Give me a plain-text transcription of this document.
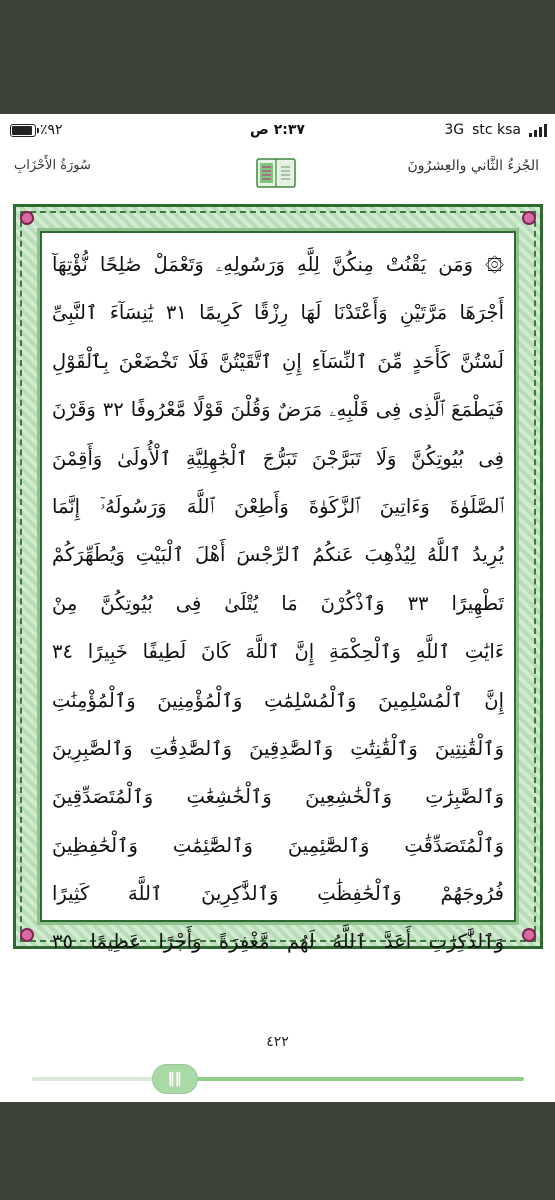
٪٩٢	٢:٣٧ ص	3G stc ksa
الجُزءُ الثَّاني والعِشرُونَ
سُورَةُ الأَحْزَابِ
۞ وَمَن يَقْنُتْ مِنكُنَّ لِلَّهِ وَرَسُولِهِۦ وَتَعْمَلْ صَٰلِحًا نُّؤْتِهَآ
أَجْرَهَا مَرَّتَيْنِ وَأَعْتَدْنَا لَهَا رِزْقًا كَرِيمًا ٣١ يَٰنِسَآءَ ٱلنَّبِىِّ
لَسْتُنَّ كَأَحَدٍ مِّنَ ٱلنِّسَآءِ إِنِ ٱتَّقَيْتُنَّ فَلَا تَخْضَعْنَ بِٱلْقَوْلِ
فَيَطْمَعَ ٱلَّذِى فِى قَلْبِهِۦ مَرَضٌ وَقُلْنَ قَوْلًا مَّعْرُوفًا ٣٢ وَقَرْنَ
فِى بُيُوتِكُنَّ وَلَا تَبَرَّجْنَ تَبَرُّجَ ٱلْجَٰهِلِيَّةِ ٱلْأُولَىٰ وَأَقِمْنَ
ٱلصَّلَوٰةَ وَءَاتِينَ ٱلزَّكَوٰةَ وَأَطِعْنَ ٱللَّهَ وَرَسُولَهُۥٓ إِنَّمَا
يُرِيدُ ٱللَّهُ لِيُذْهِبَ عَنكُمُ ٱلرِّجْسَ أَهْلَ ٱلْبَيْتِ وَيُطَهِّرَكُمْ
تَطْهِيرًا ٣٣ وَٱذْكُرْنَ مَا يُتْلَىٰ فِى بُيُوتِكُنَّ مِنْ
ءَايَٰتِ ٱللَّهِ وَٱلْحِكْمَةِ إِنَّ ٱللَّهَ كَانَ لَطِيفًا خَبِيرًا ٣٤
إِنَّ ٱلْمُسْلِمِينَ وَٱلْمُسْلِمَٰتِ وَٱلْمُؤْمِنِينَ وَٱلْمُؤْمِنَٰتِ
وَٱلْقَٰنِتِينَ وَٱلْقَٰنِتَٰتِ وَٱلصَّٰدِقِينَ وَٱلصَّٰدِقَٰتِ وَٱلصَّٰبِرِينَ
وَٱلصَّٰبِرَٰتِ وَٱلْخَٰشِعِينَ وَٱلْخَٰشِعَٰتِ وَٱلْمُتَصَدِّقِينَ
وَٱلْمُتَصَدِّقَٰتِ وَٱلصَّٰٓئِمِينَ وَٱلصَّٰٓئِمَٰتِ وَٱلْحَٰفِظِينَ
فُرُوجَهُمْ وَٱلْحَٰفِظَٰتِ وَٱلذَّٰكِرِينَ ٱللَّهَ كَثِيرًا
وَٱلذَّٰكِرَٰتِ أَعَدَّ ٱللَّهُ لَهُم مَّغْفِرَةً وَأَجْرًا عَظِيمًا ٣٥
٤٢٢
‖‖
